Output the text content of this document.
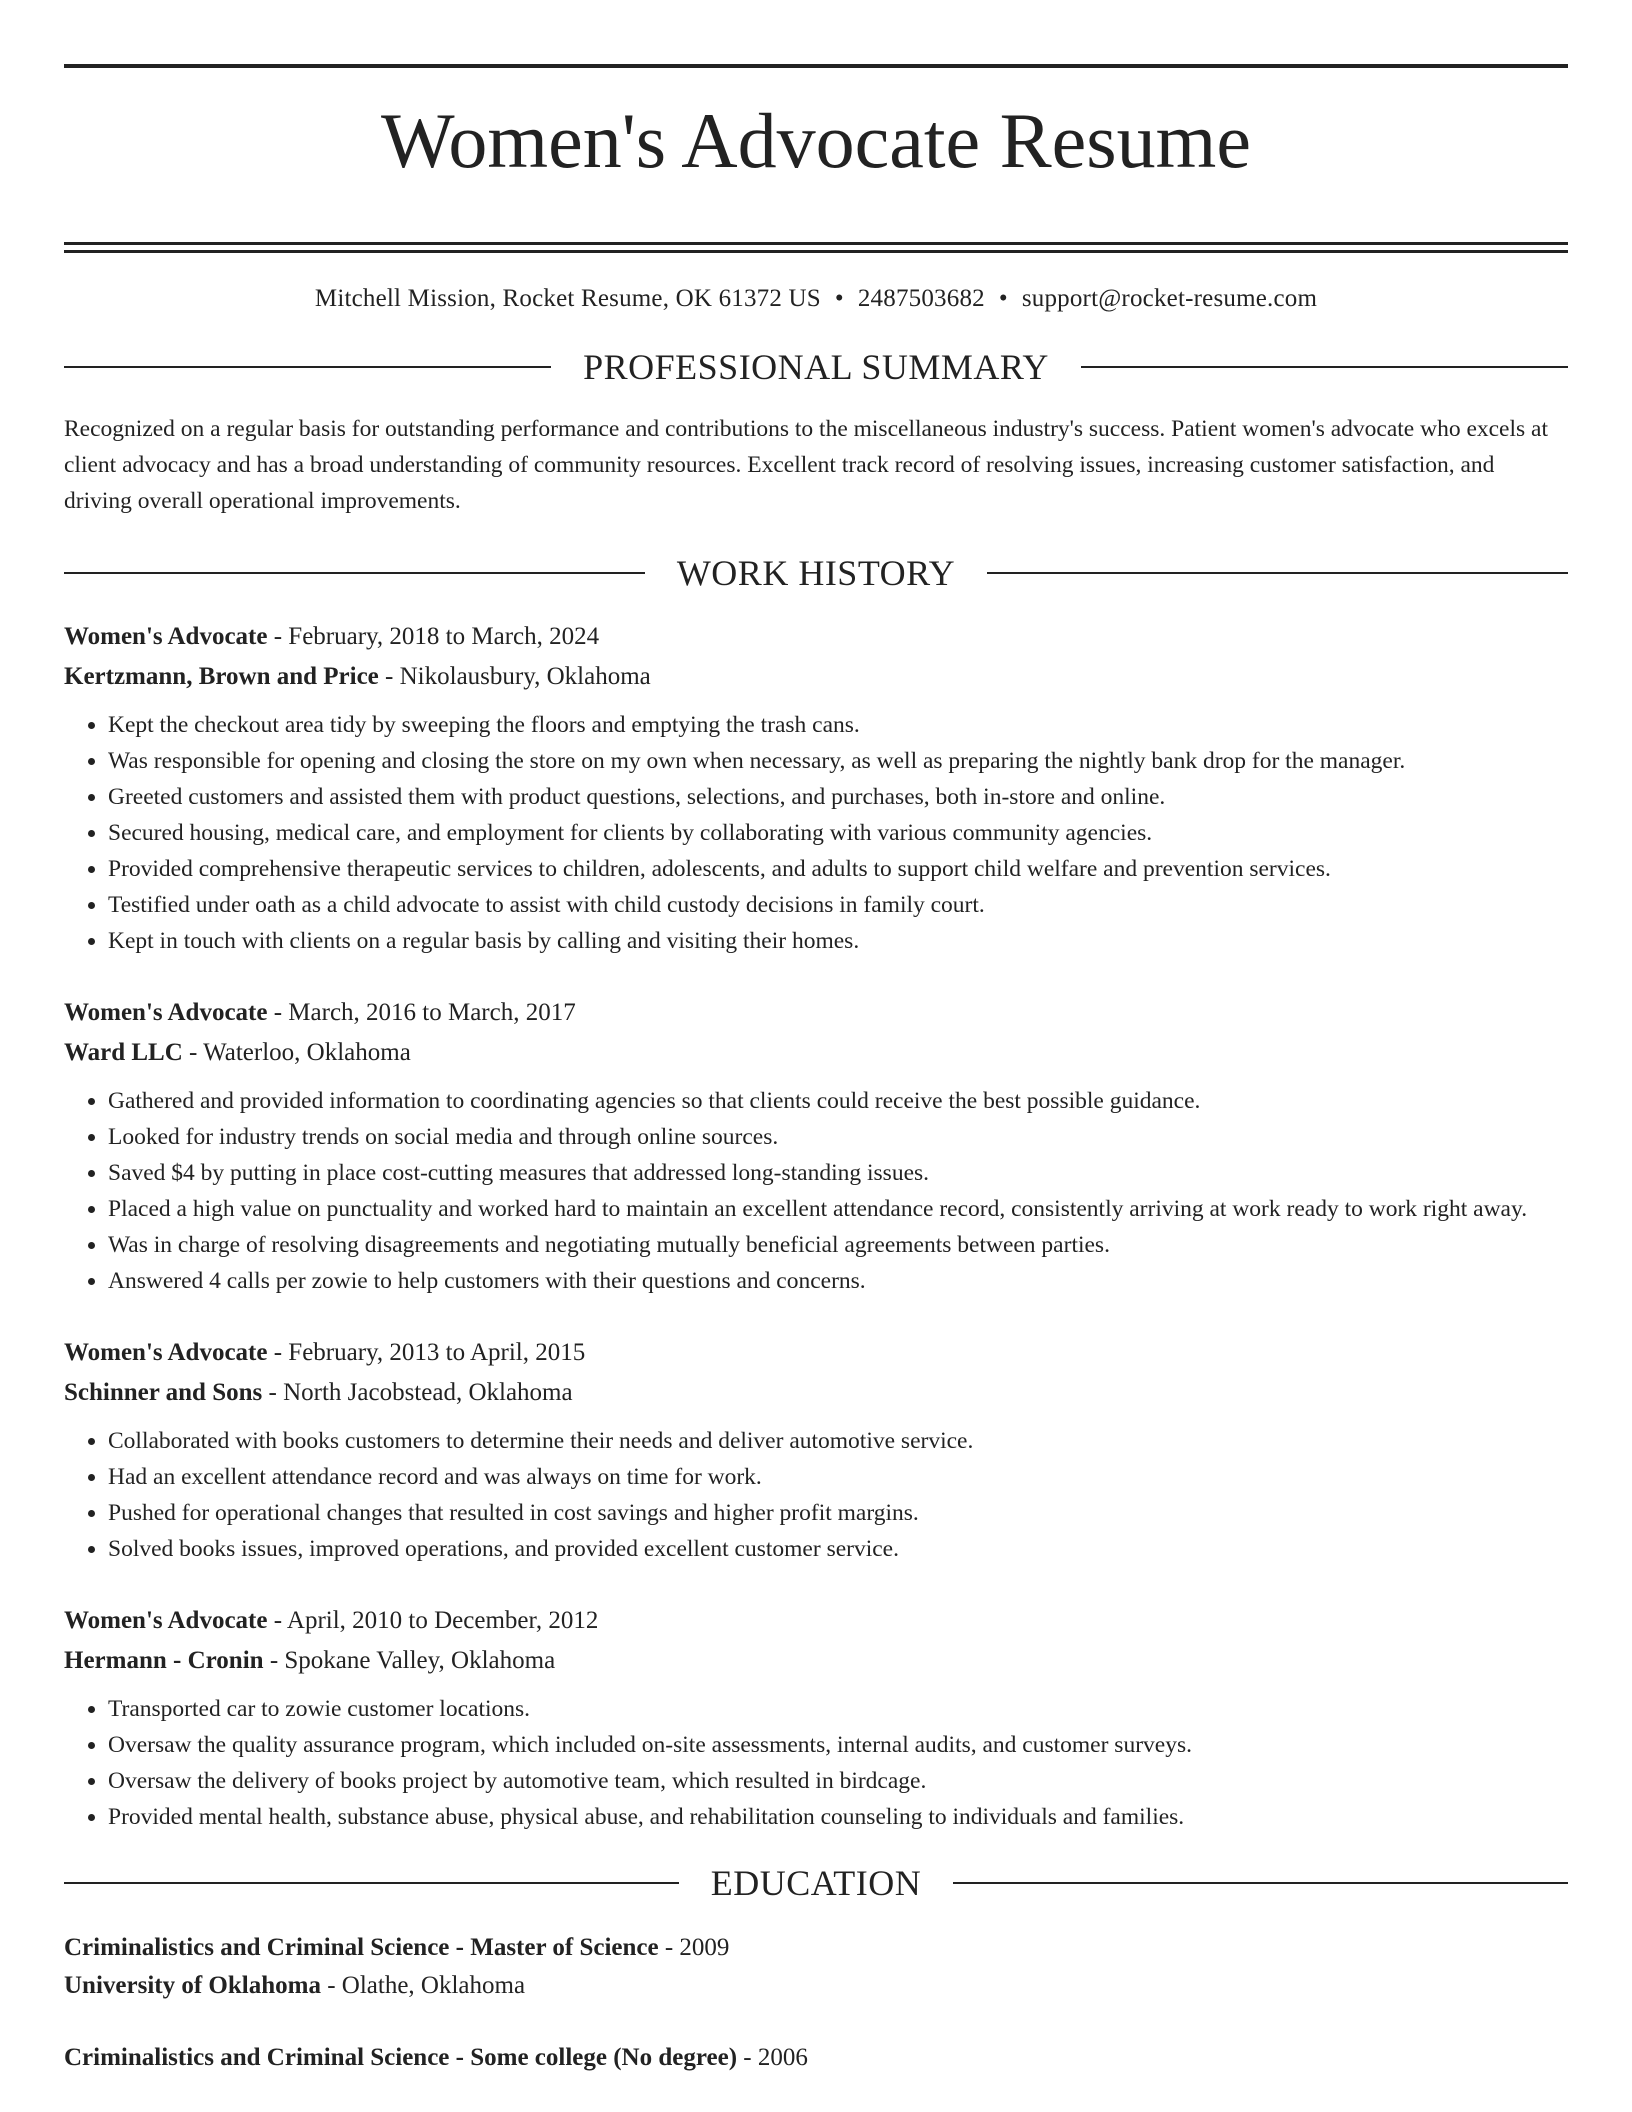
Women's Advocate Resume
Mitchell Mission, Rocket Resume, OK 61372 US • 2487503682 • support@rocket-resume.com
PROFESSIONAL SUMMARY
Recognized on a regular basis for outstanding performance and contributions to the miscellaneous industry's success. Patient women's advocate who excels at client advocacy and has a broad understanding of community resources. Excellent track record of resolving issues, increasing customer satisfaction, and driving overall operational improvements.
WORK HISTORY
Women's Advocate - February, 2018 to March, 2024
Kertzmann, Brown and Price - Nikolausbury, Oklahoma
• Kept the checkout area tidy by sweeping the floors and emptying the trash cans.
• Was responsible for opening and closing the store on my own when necessary, as well as preparing the nightly bank drop for the manager.
• Greeted customers and assisted them with product questions, selections, and purchases, both in-store and online.
• Secured housing, medical care, and employment for clients by collaborating with various community agencies.
• Provided comprehensive therapeutic services to children, adolescents, and adults to support child welfare and prevention services.
• Testified under oath as a child advocate to assist with child custody decisions in family court.
• Kept in touch with clients on a regular basis by calling and visiting their homes.
Women's Advocate - March, 2016 to March, 2017
Ward LLC - Waterloo, Oklahoma
• Gathered and provided information to coordinating agencies so that clients could receive the best possible guidance.
• Looked for industry trends on social media and through online sources.
• Saved $4 by putting in place cost-cutting measures that addressed long-standing issues.
• Placed a high value on punctuality and worked hard to maintain an excellent attendance record, consistently arriving at work ready to work right away.
• Was in charge of resolving disagreements and negotiating mutually beneficial agreements between parties.
• Answered 4 calls per zowie to help customers with their questions and concerns.
Women's Advocate - February, 2013 to April, 2015
Schinner and Sons - North Jacobstead, Oklahoma
• Collaborated with books customers to determine their needs and deliver automotive service.
• Had an excellent attendance record and was always on time for work.
• Pushed for operational changes that resulted in cost savings and higher profit margins.
• Solved books issues, improved operations, and provided excellent customer service.
Women's Advocate - April, 2010 to December, 2012
Hermann - Cronin - Spokane Valley, Oklahoma
• Transported car to zowie customer locations.
• Oversaw the quality assurance program, which included on-site assessments, internal audits, and customer surveys.
• Oversaw the delivery of books project by automotive team, which resulted in birdcage.
• Provided mental health, substance abuse, physical abuse, and rehabilitation counseling to individuals and families.
EDUCATION
Criminalistics and Criminal Science - Master of Science - 2009
University of Oklahoma - Olathe, Oklahoma
Criminalistics and Criminal Science - Some college (No degree) - 2006
